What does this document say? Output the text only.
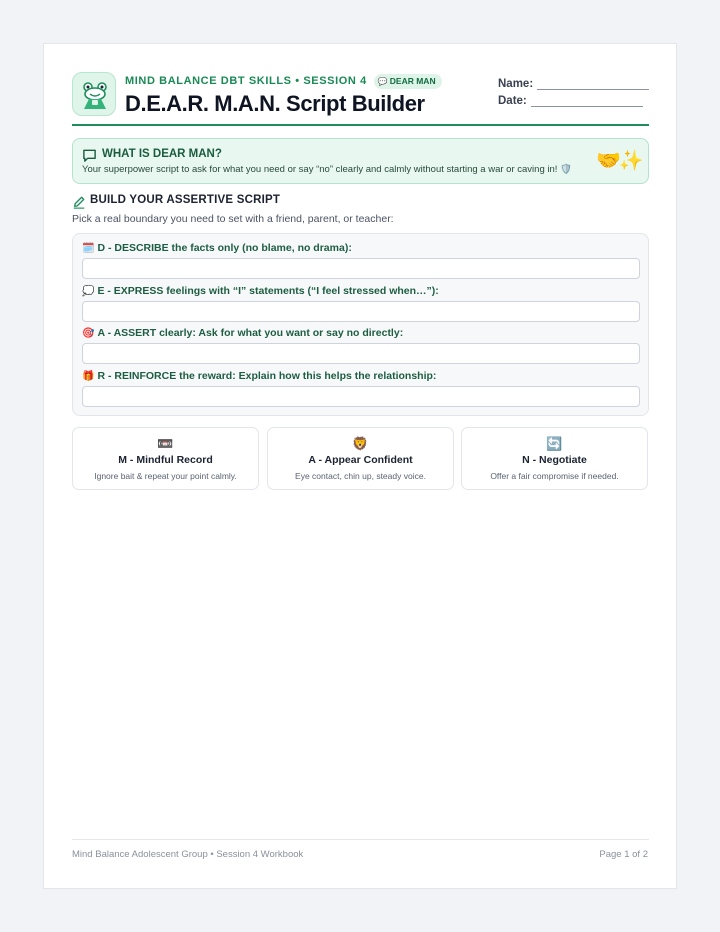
MIND BALANCE DBT SKILLS • SESSION 4 💬 DEAR MAN
D.E.A.R. M.A.N. Script Builder
Name:
Date:
WHAT IS DEAR MAN?
Your superpower script to ask for what you need or say “no” clearly and calmly without starting a war or caving in! 🛡️ 🤝✨
BUILD YOUR ASSERTIVE SCRIPT
Pick a real boundary you need to set with a friend, parent, or teacher:
🗓️ D - DESCRIBE the facts only (no blame, no drama):
💭 E - EXPRESS feelings with “I” statements (“I feel stressed when…”):
🎯 A - ASSERT clearly: Ask for what you want or say no directly:
🎁 R - REINFORCE the reward: Explain how this helps the relationship:
📼
M - Mindful Record
Ignore bait & repeat your point calmly.
🦁
A - Appear Confident
Eye contact, chin up, steady voice.
🔄
N - Negotiate
Offer a fair compromise if needed.
Mind Balance Adolescent Group • Session 4 Workbook	Page 1 of 2
